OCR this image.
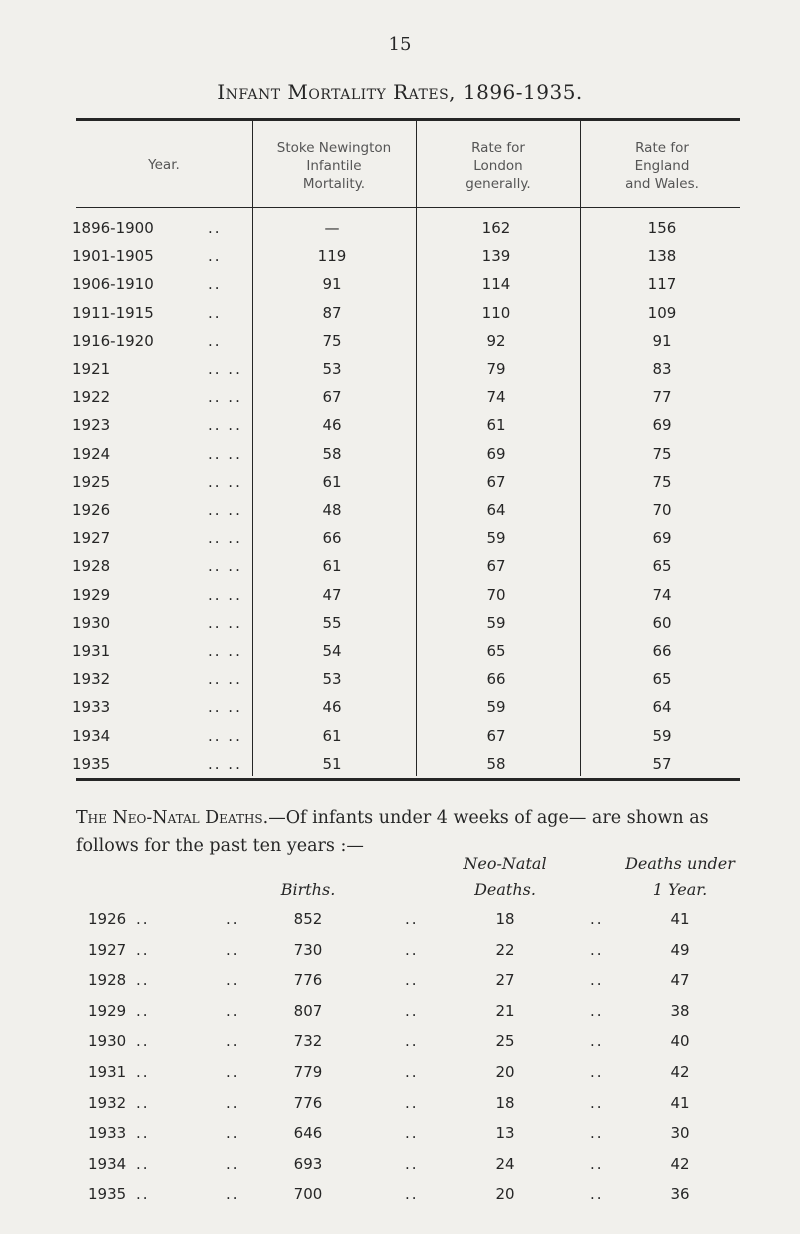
15
Infant Mortality Rates, 1896-1935.
Year.
Stoke Newington
Infantile
Mortality.
Rate for
London
generally.
Rate for
England
and Wales.
1896-1900	..	—	162	156
1901-1905	..	119	139	138
1906-1910	..	91	114	117
1911-1915	..	87	110	109
1916-1920	..	75	92	91
1921	.. ..	53	79	83
1922	.. ..	67	74	77
1923	.. ..	46	61	69
1924	.. ..	58	69	75
1925	.. ..	61	67	75
1926	.. ..	48	64	70
1927	.. ..	66	59	69
1928	.. ..	61	67	65
1929	.. ..	47	70	74
1930	.. ..	55	59	60
1931	.. ..	54	65	66
1932	.. ..	53	66	65
1933	.. ..	46	59	64
1934	.. ..	61	67	59
1935	.. ..	51	58	57
The Neo-Natal Deaths.—Of infants under 4 weeks of age— are shown as follows for the past ten years :—
Births.
Neo-Natal
Deaths.
Deaths under
1 Year.
1926 ..	..	852	..	18	..	41
1927 ..	..	730	..	22	..	49
1928 ..	..	776	..	27	..	47
1929 ..	..	807	..	21	..	38
1930 ..	..	732	..	25	..	40
1931 ..	..	779	..	20	..	42
1932 ..	..	776	..	18	..	41
1933 ..	..	646	..	13	..	30
1934 ..	..	693	..	24	..	42
1935 ..	..	700	..	20	..	36
